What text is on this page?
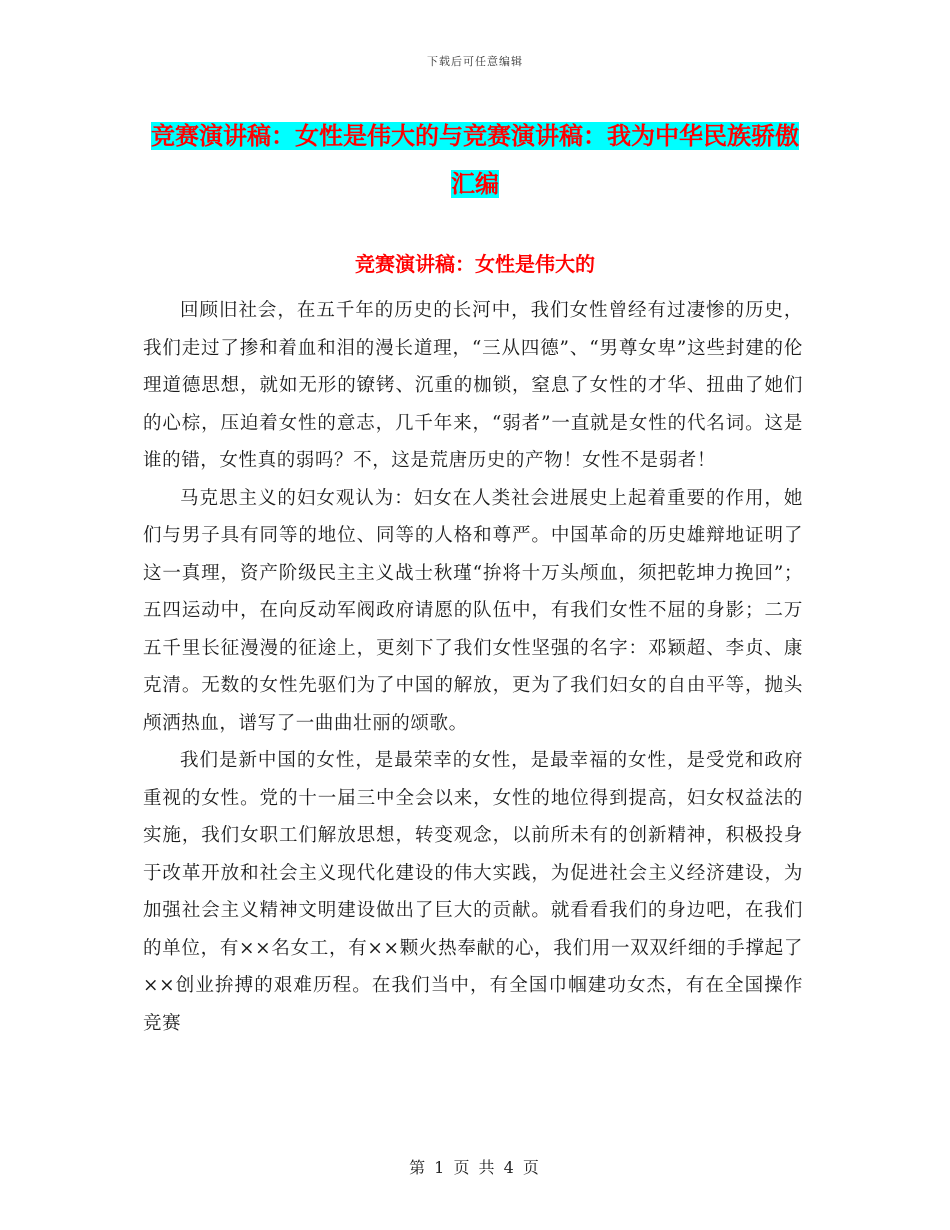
下载后可任意编辑
竞赛演讲稿：女性是伟大的与竞赛演讲稿：我为中华民族骄傲汇编
竞赛演讲稿：女性是伟大的

回顾旧社会，在五千年的历史的长河中，我们女性曾经有过凄惨的历史，我们走过了掺和着血和泪的漫长道理，“三从四德”、“男尊女卑”这些封建的伦理道德思想，就如无形的镣铐、沉重的枷锁，窒息了女性的才华、扭曲了她们的心棕，压迫着女性的意志，几千年来，“弱者”一直就是女性的代名词。这是谁的错，女性真的弱吗？不，这是荒唐历史的产物！女性不是弱者！

马克思主义的妇女观认为：妇女在人类社会进展史上起着重要的作用，她们与男子具有同等的地位、同等的人格和尊严。中国革命的历史雄辩地证明了这一真理，资产阶级民主主义战士秋瑾“拚将十万头颅血，须把乾坤力挽回”；五四运动中，在向反动军阀政府请愿的队伍中，有我们女性不屈的身影；二万五千里长征漫漫的征途上，更刻下了我们女性坚强的名字：邓颖超、李贞、康克清。无数的女性先驱们为了中国的解放，更为了我们妇女的自由平等，抛头颅洒热血，谱写了一曲曲壮丽的颂歌。

我们是新中国的女性，是最荣幸的女性，是最幸福的女性，是受党和政府重视的女性。党的十一届三中全会以来，女性的地位得到提高，妇女权益法的实施，我们女职工们解放思想，转变观念，以前所未有的创新精神，积极投身于改革开放和社会主义现代化建设的伟大实践，为促进社会主义经济建设，为加强社会主义精神文明建设做出了巨大的贡献。就看看我们的身边吧，在我们的单位，有××名女工，有××颗火热奉献的心，我们用一双双纤细的手撑起了××创业拚搏的艰难历程。在我们当中，有全国巾帼建功女杰，有在全国操作竞赛

第 1 页 共 4 页
